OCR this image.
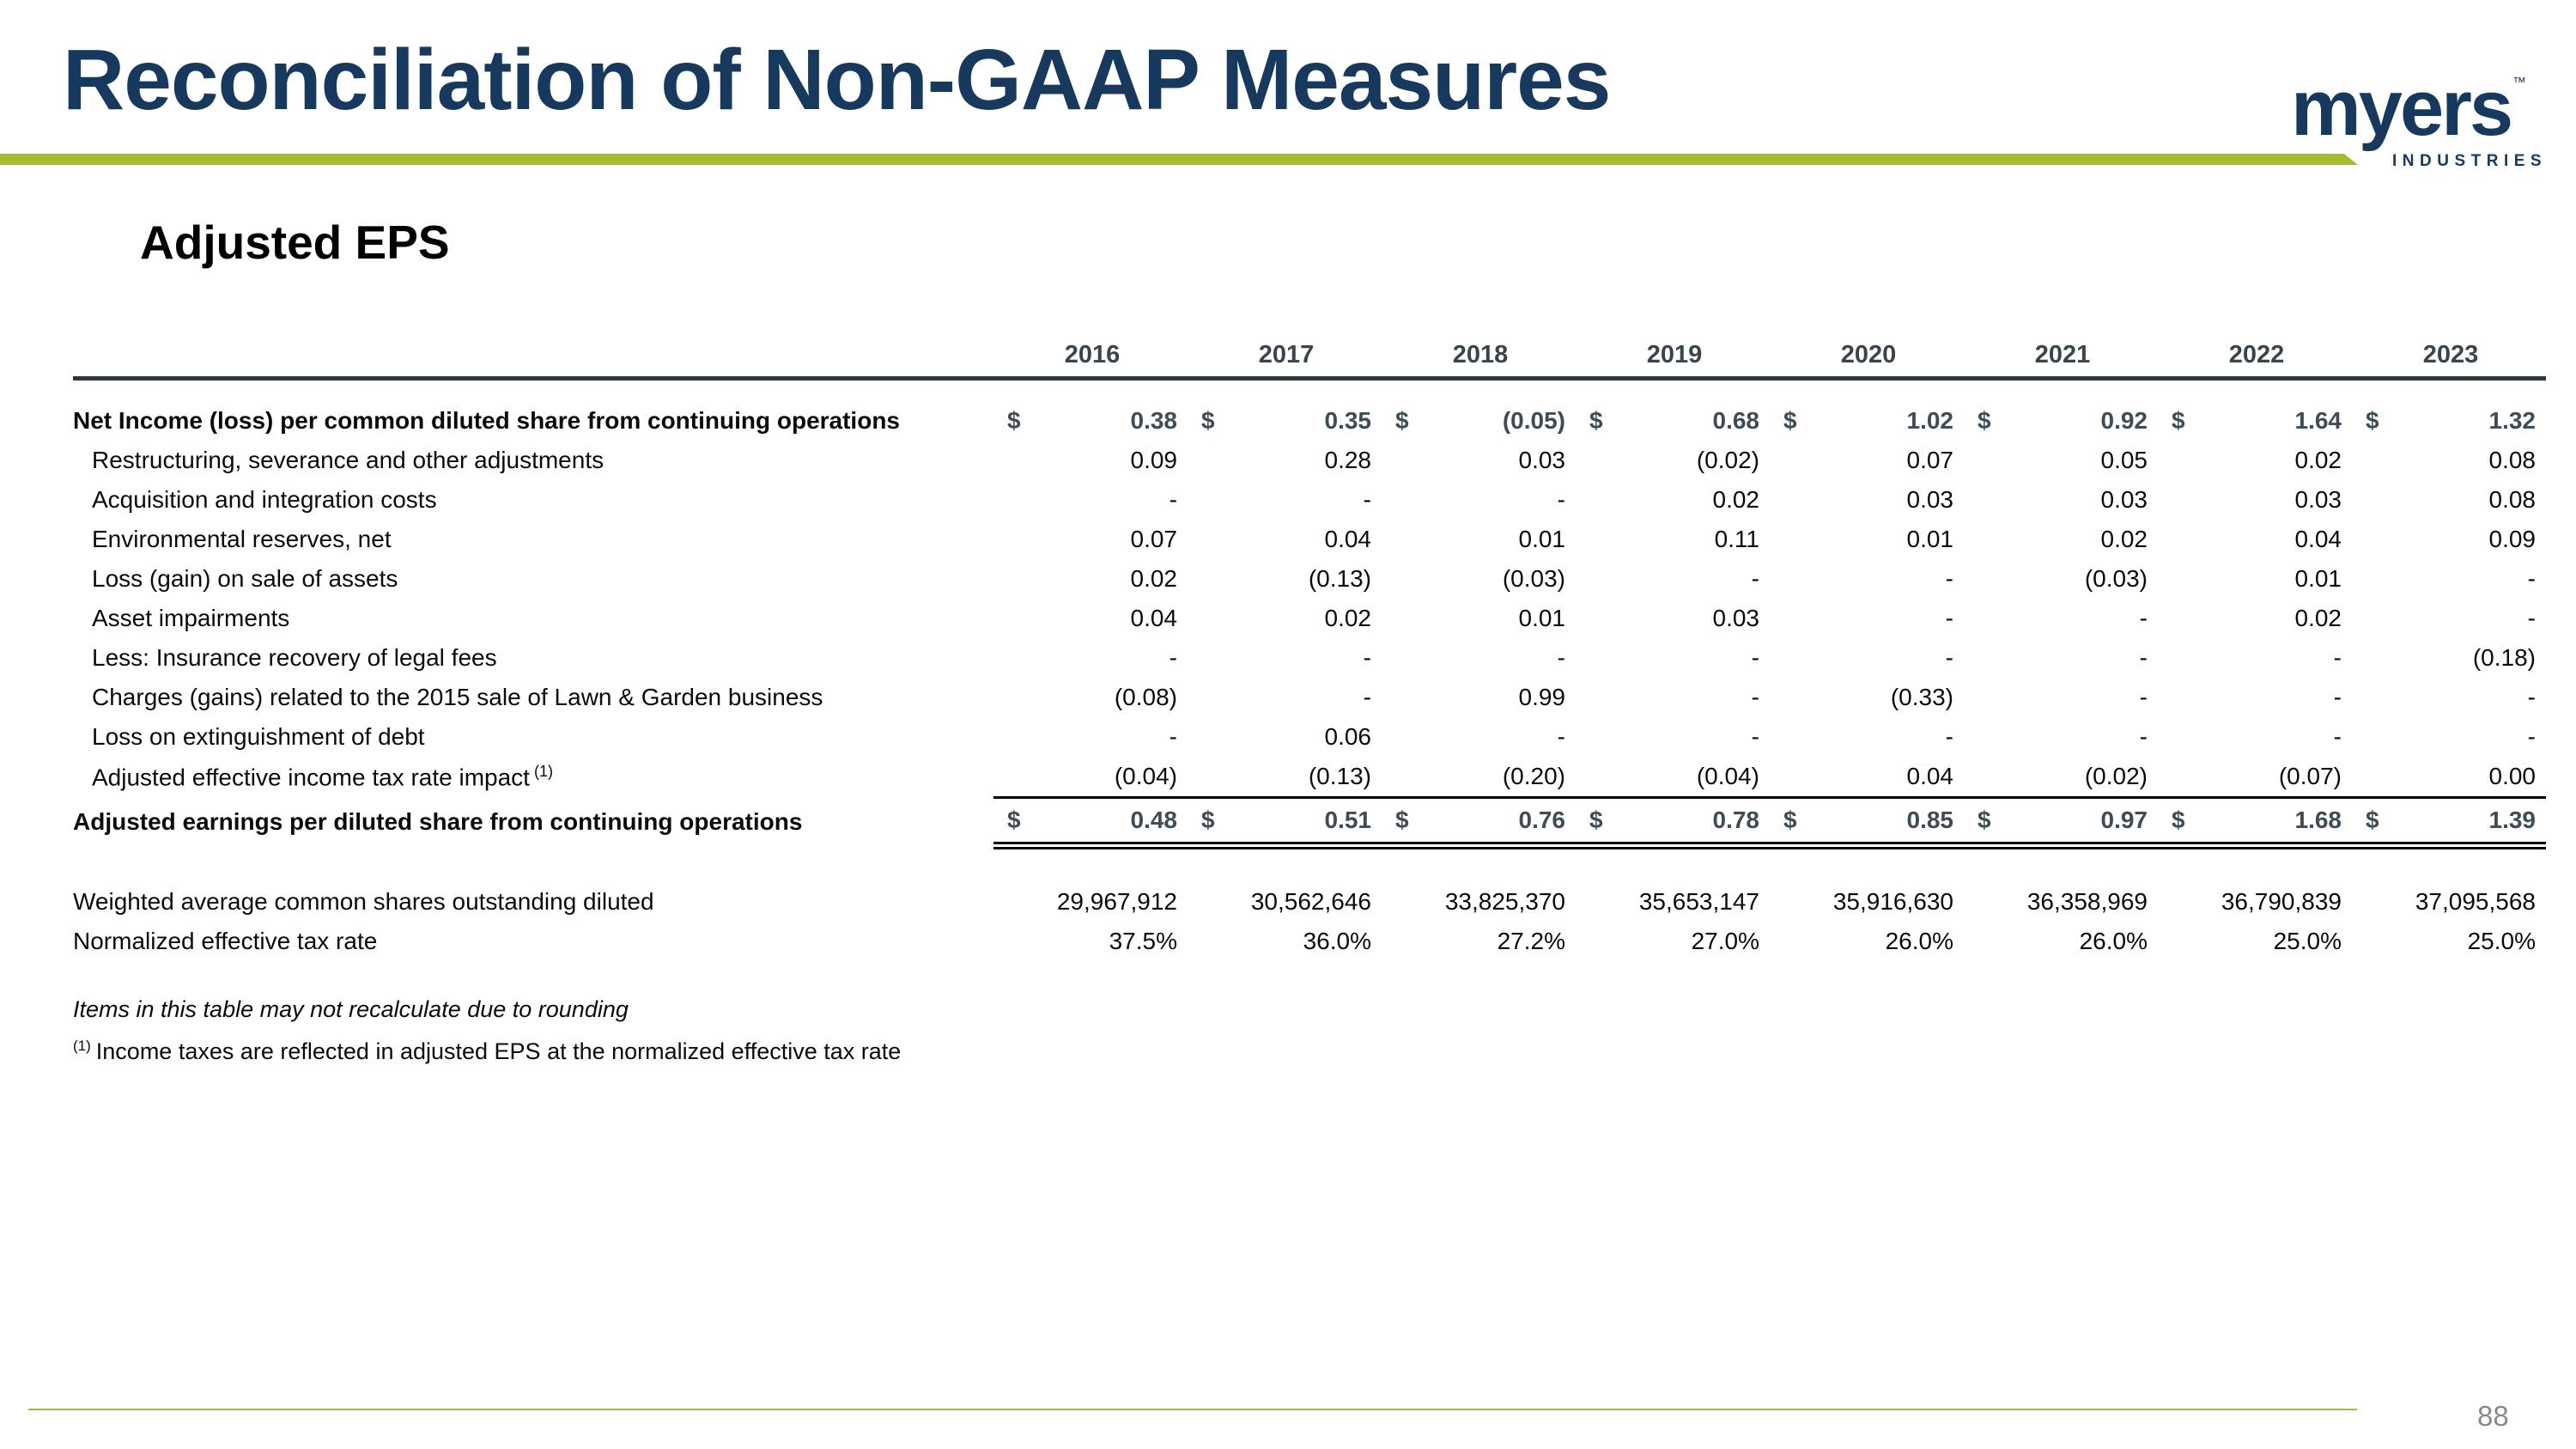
Reconciliation of Non-GAAP Measures	myers ™

INDUSTRIES

Adjusted EPS
	2016	2017	2018	2019	2020	2021	2022	2023

Net Income (loss) per common diluted share from continuing operations	$ 0.38	$ 0.35	$ (0.05)	$ 0.68	$ 1.02	$ 0.92	$ 1.64	$ 1.32

Restructuring, severance and other adjustments	0.09	0.28	0.03	(0.02)	0.07	0.05	0.02	0.08

Acquisition and integration costs	-	-	-	0.02	0.03	0.03	0.03	0.08

Environmental reserves, net	0.07	0.04	0.01	0.11	0.01	0.02	0.04	0.09

Loss (gain) on sale of assets	0.02	(0.13)	(0.03)	-	-	(0.03)	0.01	-

Asset impairments	0.04	0.02	0.01	0.03	-	-	0.02	-

Less: Insurance recovery of legal fees	-	-	-	-	-	-	-	(0.18)

Charges (gains) related to the 2015 sale of Lawn & Garden business	(0.08)	-	0.99	-	(0.33)	-	-	-

Loss on extinguishment of debt	-	0.06	-	-	-	-	-	-

Adjusted effective income tax rate impact $^{(1)}$	(0.04)	(0.13)	(0.20)	(0.04)	0.04	(0.02)	(0.07)	0.00

Adjusted earnings per diluted share from continuing operations	$ 0.48	$ 0.51	$ 0.76	$ 0.78	$ 0.85	$ 0.97	$ 1.68	$ 1.39

Weighted average common shares outstanding diluted	29,967,912	30,562,646	33,825,370	35,653,147	35,916,630	36,358,969	36,790,839	37,095,568

Normalized effective tax rate	37.5%	36.0%	27.2%	27.0%	26.0%	26.0%	25.0%	25.0%

Items in this table may not recalculate due to rounding

$^{(1)}$ Income taxes are reflected in adjusted EPS at the normalized effective tax rate

88
